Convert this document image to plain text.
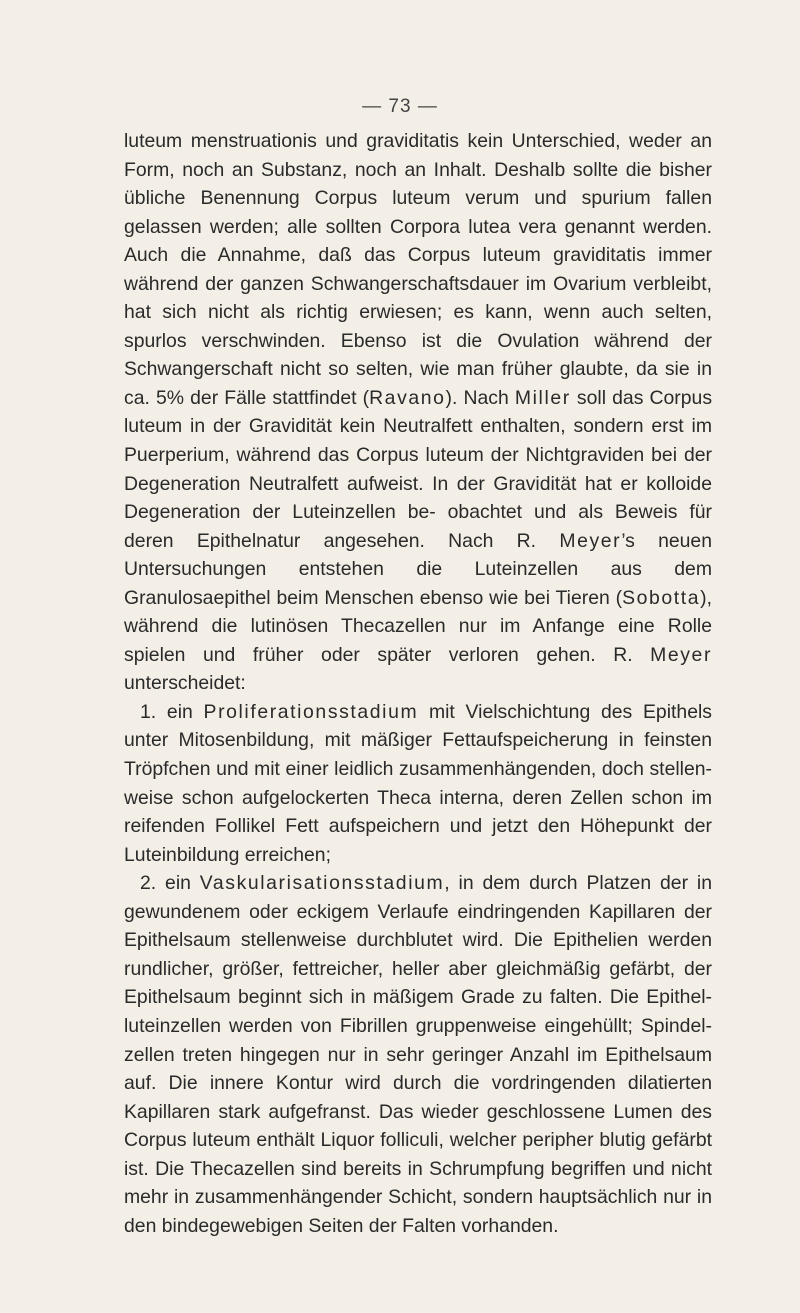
— 73 —

luteum menstruationis und graviditatis kein Unterschied, weder an Form, noch an Substanz, noch an Inhalt. Deshalb sollte die bisher übliche Benennung Corpus luteum verum und spurium fallen gelassen werden; alle sollten Corpora lutea vera genannt werden. Auch die Annahme, daß das Corpus luteum graviditatis immer während der ganzen Schwangerschaftsdauer im Ovarium verbleibt, hat sich nicht als richtig erwiesen; es kann, wenn auch selten, spurlos verschwinden. Ebenso ist die Ovulation während der Schwangerschaft nicht so selten, wie man früher glaubte, da sie in ca. 5% der Fälle stattfindet (Ravano). Nach Miller soll das Corpus luteum in der Gravidität kein Neutralfett enthalten, sondern erst im Puerperium, während das Corpus luteum der Nichtgraviden bei der Degeneration Neutralfett aufweist. In der Gravidität hat er kolloide Degeneration der Luteinzellen be- obachtet und als Beweis für deren Epithelnatur angesehen. Nach R. Meyer’s neuen Untersuchungen entstehen die Luteinzellen aus dem Granulosaepithel beim Menschen ebenso wie bei Tieren (Sobotta), während die lutinösen Thecazellen nur im Anfange eine Rolle spielen und früher oder später verloren gehen. R. Meyer unterscheidet:

1. ein Proliferationsstadium mit Vielschichtung des Epithels unter Mitosenbildung, mit mäßiger Fettaufspeicherung in feinsten Tröpfchen und mit einer leidlich zusammenhängenden, doch stellen- weise schon aufgelockerten Theca interna, deren Zellen schon im reifenden Follikel Fett aufspeichern und jetzt den Höhepunkt der Luteinbildung erreichen;

2. ein Vaskularisationsstadium, in dem durch Platzen der in gewundenem oder eckigem Verlaufe eindringenden Kapillaren der Epithelsaum stellenweise durchblutet wird. Die Epithelien werden rundlicher, größer, fettreicher, heller aber gleichmäßig gefärbt, der Epithelsaum beginnt sich in mäßigem Grade zu falten. Die Epithel- luteinzellen werden von Fibrillen gruppenweise eingehüllt; Spindel- zellen treten hingegen nur in sehr geringer Anzahl im Epithelsaum auf. Die innere Kontur wird durch die vordringenden dilatierten Kapillaren stark aufgefranst. Das wieder geschlossene Lumen des Corpus luteum enthält Liquor folliculi, welcher peripher blutig gefärbt ist. Die Thecazellen sind bereits in Schrumpfung begriffen und nicht mehr in zusammenhängender Schicht, sondern hauptsächlich nur in den bindegewebigen Seiten der Falten vorhanden.
